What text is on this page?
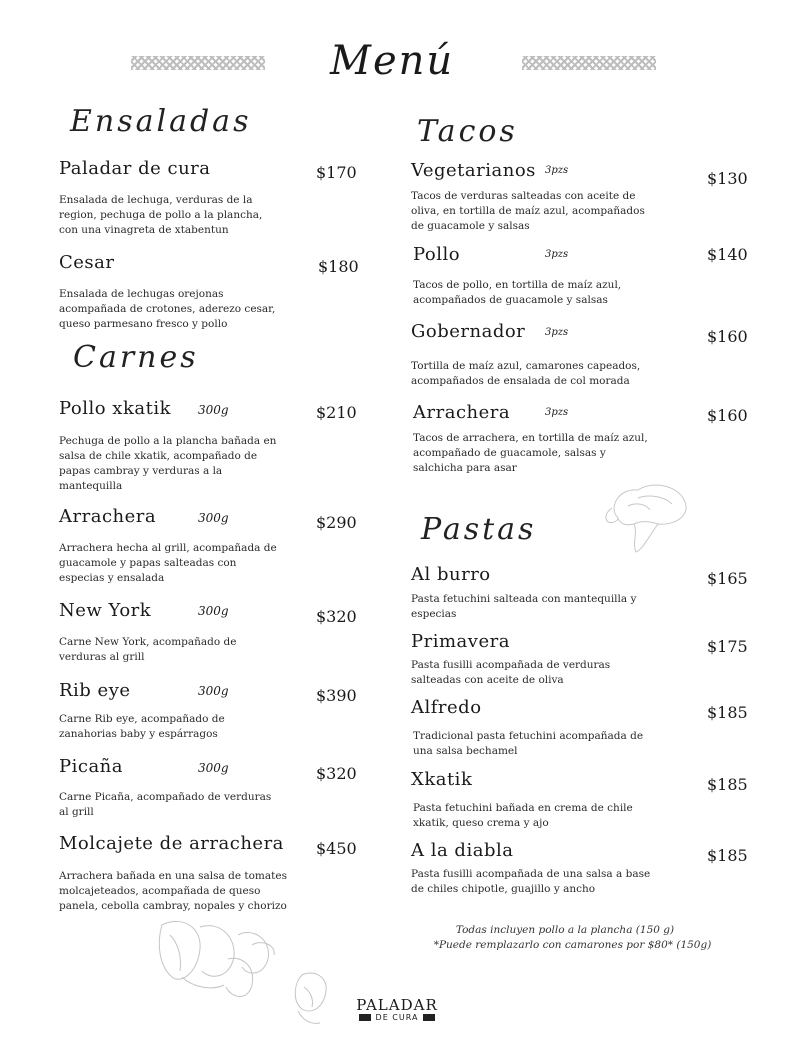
Menú
Ensaladas
Paladar de cura	$170
Ensalada de lechuga, verduras de la region, pechuga de pollo a la plancha, con una vinagreta de xtabentun
Cesar	$180
Ensalada de lechugas orejonas acompañada de crotones, aderezo cesar, queso parmesano fresco y pollo
Carnes
Pollo xkatik 300g	$210
Pechuga de pollo a la plancha bañada en salsa de chile xkatik, acompañado de papas cambray y verduras a la mantequilla
Arrachera	300g	$290
Arrachera hecha al grill, acompañada de guacamole y papas salteadas con especias y ensalada
New York	300g	$320
Carne New York, acompañado de verduras al grill
Rib eye	300g	$390
Carne Rib eye, acompañado de zanahorias baby y espárragos
Picaña	300g	$320
Carne Picaña, acompañado de verduras al grill
Molcajete de arrachera $450
Arrachera bañada en una salsa de tomates molcajeteados, acompañada de queso panela, cebolla cambray, nopales y chorizo
Tacos
Vegetarianos 3pzs	$130
Tacos de verduras salteadas con aceite de oliva, en tortilla de maíz azul, acompañados de guacamole y salsas
Pollo	3pzs	$140
Tacos de pollo, en tortilla de maíz azul, acompañados de guacamole y salsas
Gobernador 3pzs	$160
Tortilla de maíz azul, camarones capeados, acompañados de ensalada de col morada
Arrachera	3pzs	$160
Tacos de arrachera, en tortilla de maíz azul, acompañado de guacamole, salsas y salchicha para asar
Pastas
Al burro	$165
Pasta fetuchini salteada con mantequilla y especias
Primavera	$175
Pasta fusilli acompañada de verduras salteadas con aceite de oliva
Alfredo	$185
Tradicional pasta fetuchini acompañada de una salsa bechamel
Xkatik	$185
Pasta fetuchini bañada en crema de chile xkatik, queso crema y ajo
A la diabla	$185
Pasta fusilli acompañada de una salsa a base de chiles chipotle, guajillo y ancho
Todas incluyen pollo a la plancha (150 g)
*Puede remplazarlo con camarones por $80* (150g)
PALADAR
DE CURA
